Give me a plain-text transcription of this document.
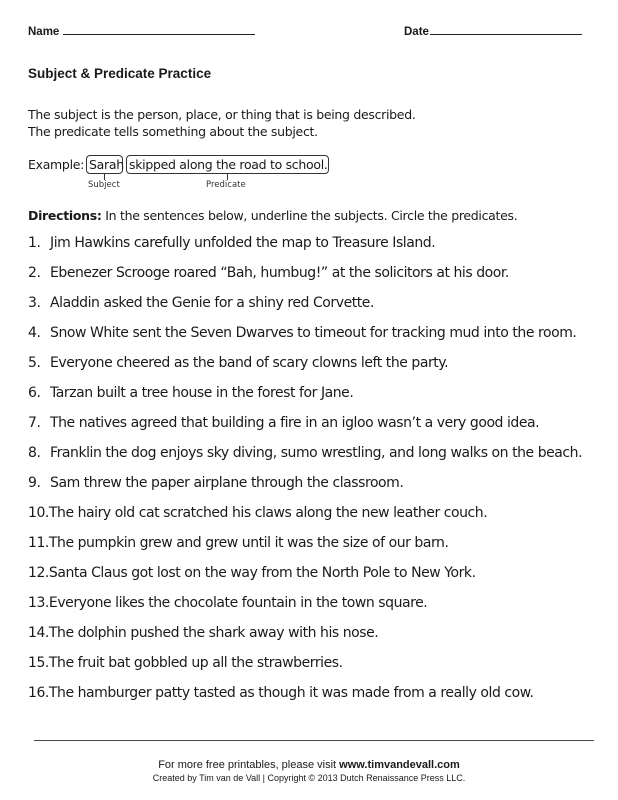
Name	Date
Subject & Predicate Practice
The subject is the person, place, or thing that is being described.
The predicate tells something about the subject.
Example: Sarah skipped along the road to school.
Subject	Predicate
Directions: In the sentences below, underline the subjects. Circle the predicates.
1. Jim Hawkins carefully unfolded the map to Treasure Island.
2. Ebenezer Scrooge roared “Bah, humbug!” at the solicitors at his door.
3. Aladdin asked the Genie for a shiny red Corvette.
4. Snow White sent the Seven Dwarves to timeout for tracking mud into the room.
5. Everyone cheered as the band of scary clowns left the party.
6. Tarzan built a tree house in the forest for Jane.
7. The natives agreed that building a fire in an igloo wasn’t a very good idea.
8. Franklin the dog enjoys sky diving, sumo wrestling, and long walks on the beach.
9. Sam threw the paper airplane through the classroom.
10.The hairy old cat scratched his claws along the new leather couch.
11.The pumpkin grew and grew until it was the size of our barn.
12.Santa Claus got lost on the way from the North Pole to New York.
13.Everyone likes the chocolate fountain in the town square.
14.The dolphin pushed the shark away with his nose.
15.The fruit bat gobbled up all the strawberries.
16.The hamburger patty tasted as though it was made from a really old cow.
For more free printables, please visit www.timvandevall.com
Created by Tim van de Vall | Copyright © 2013 Dutch Renaissance Press LLC.
